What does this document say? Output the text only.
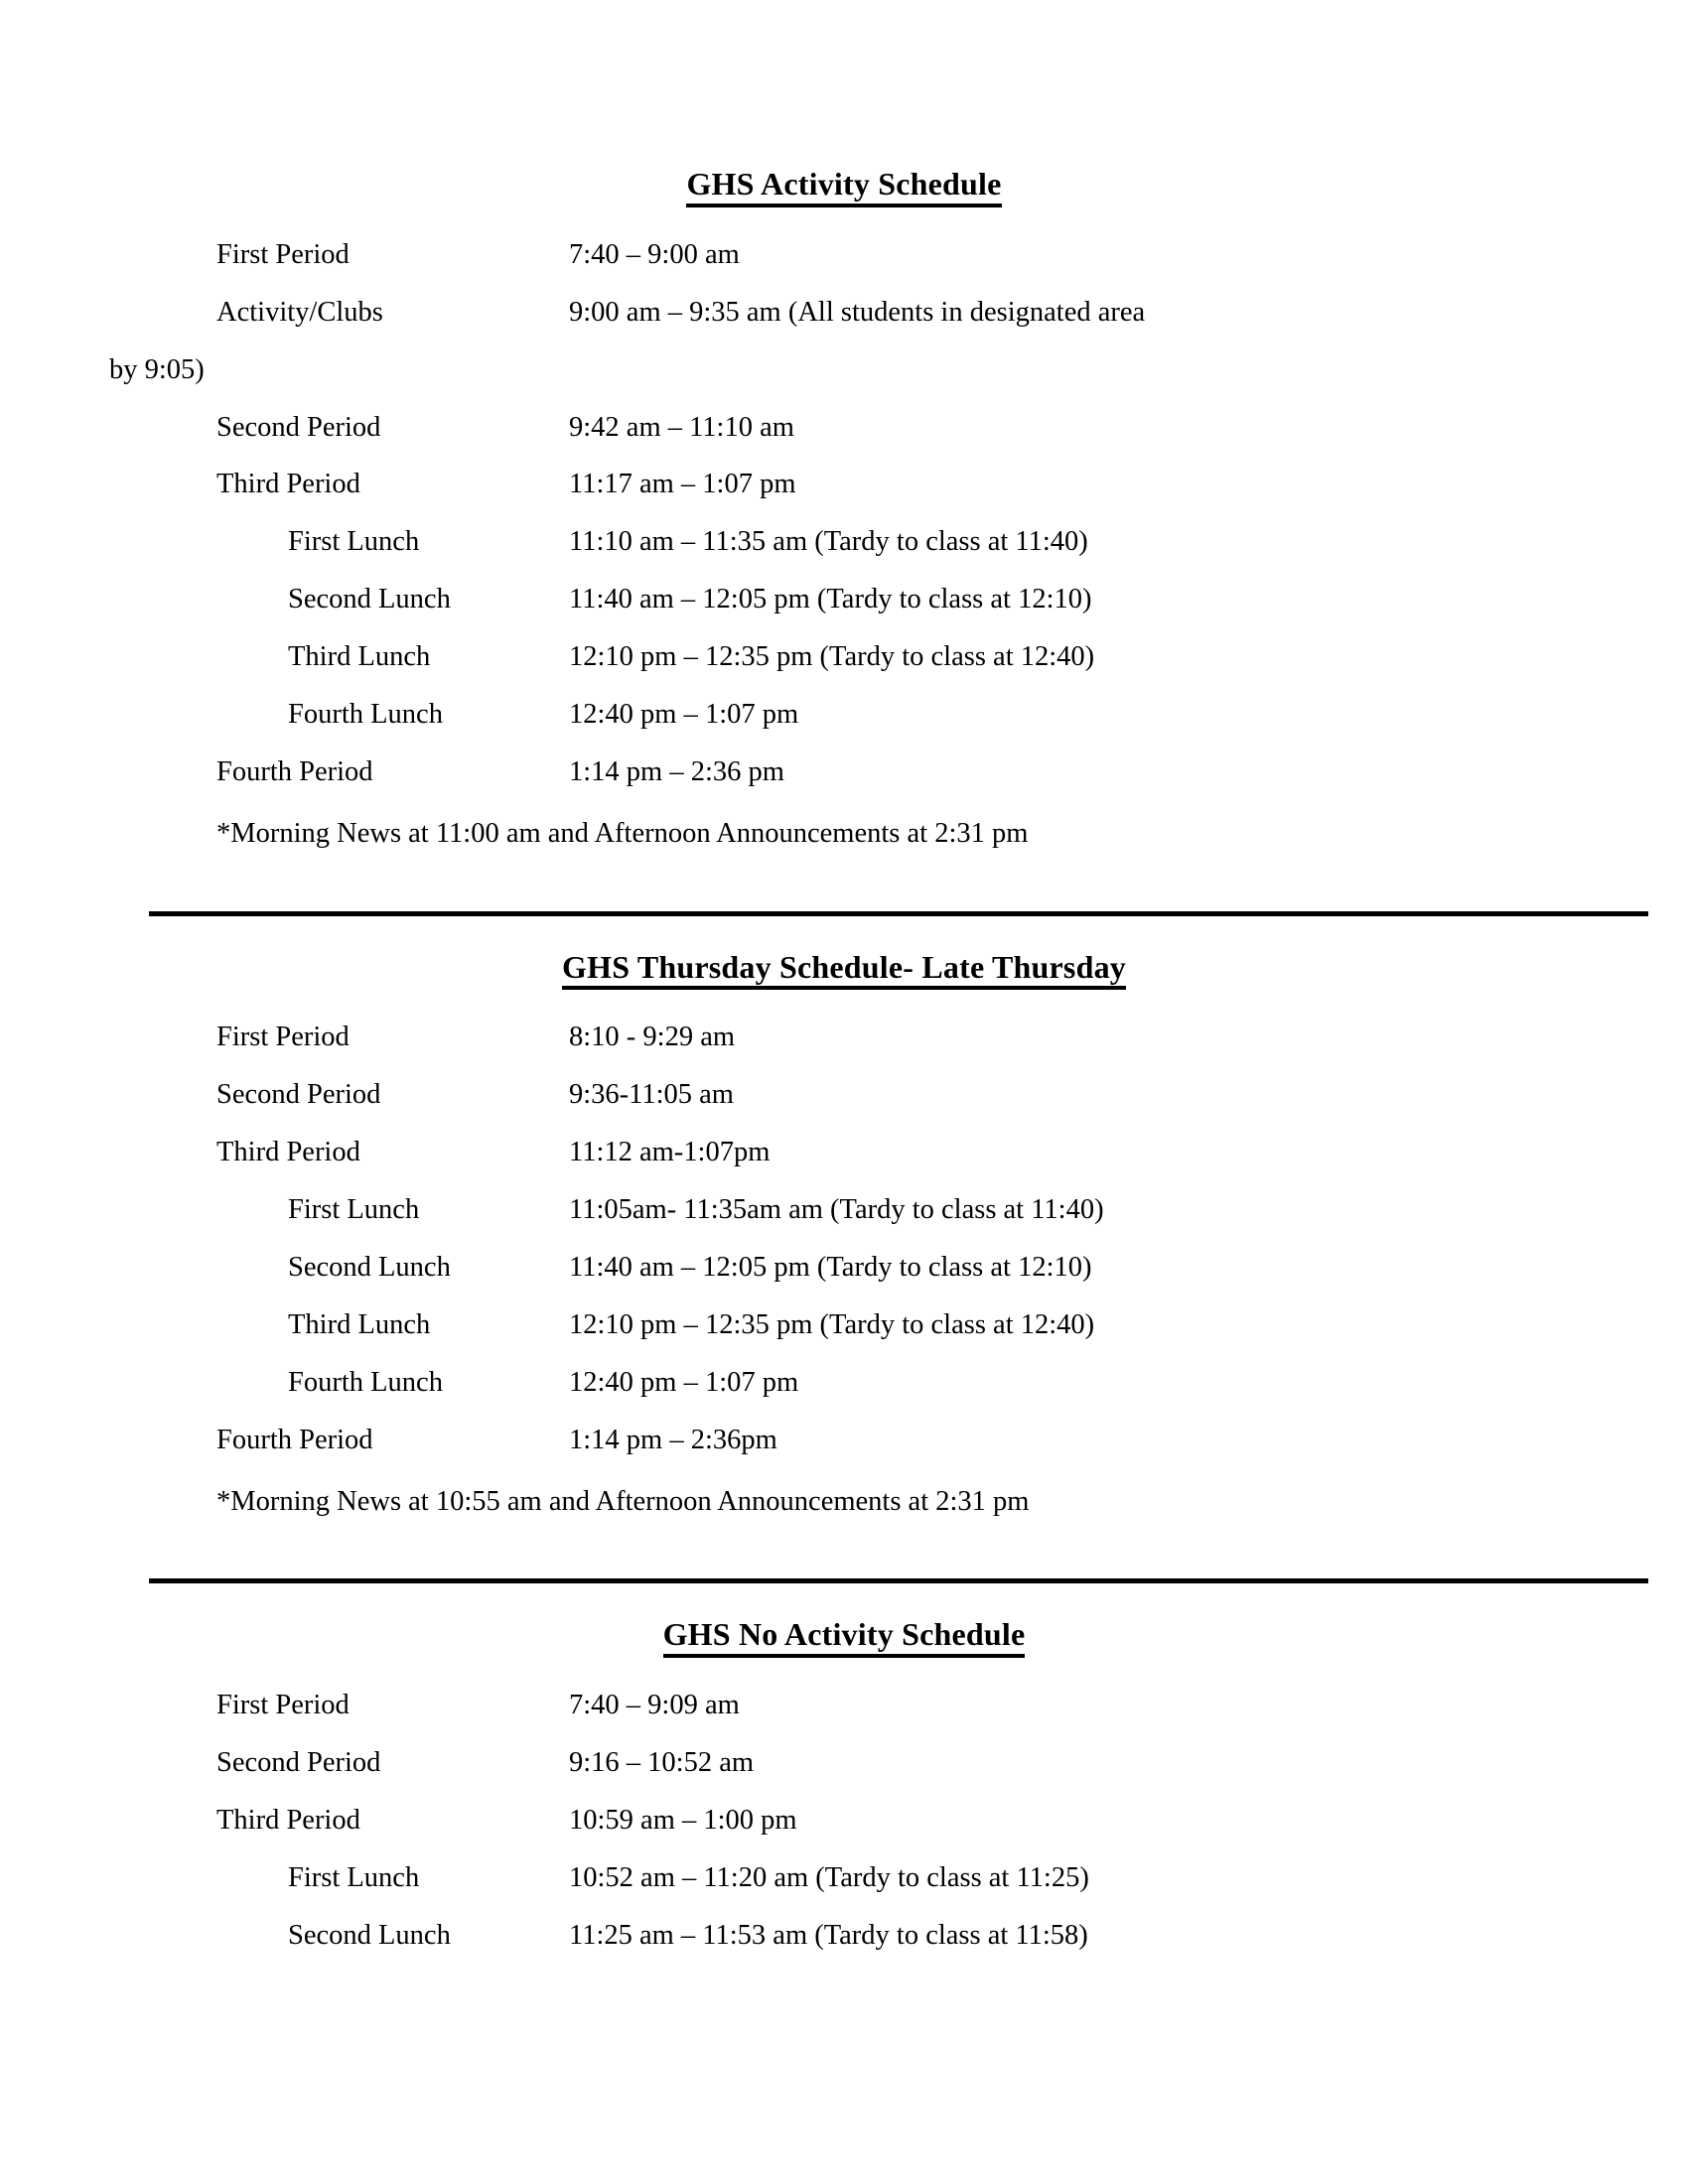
GHS Activity Schedule
First Period	7:40 – 9:00 am
Activity/Clubs	9:00 am – 9:35 am (All students in designated area
by 9:05)
Second Period	9:42 am – 11:10 am
Third Period	11:17 am – 1:07 pm
First Lunch	11:10 am – 11:35 am (Tardy to class at 11:40)
Second Lunch	11:40 am – 12:05 pm (Tardy to class at 12:10)
Third Lunch	12:10 pm – 12:35 pm (Tardy to class at 12:40)
Fourth Lunch	12:40 pm – 1:07 pm
Fourth Period	1:14 pm – 2:36 pm
*Morning News at 11:00 am and Afternoon Announcements at 2:31 pm
GHS Thursday Schedule- Late Thursday
First Period	8:10 - 9:29 am
Second Period	9:36-11:05 am
Third Period	11:12 am-1:07pm
First Lunch	11:05am- 11:35am am (Tardy to class at 11:40)
Second Lunch	11:40 am – 12:05 pm (Tardy to class at 12:10)
Third Lunch	12:10 pm – 12:35 pm (Tardy to class at 12:40)
Fourth Lunch	12:40 pm – 1:07 pm
Fourth Period	1:14 pm – 2:36pm
*Morning News at 10:55 am and Afternoon Announcements at 2:31 pm
GHS No Activity Schedule
First Period	7:40 – 9:09 am
Second Period	9:16 – 10:52 am
Third Period	10:59 am – 1:00 pm
First Lunch	10:52 am – 11:20 am (Tardy to class at 11:25)
Second Lunch	11:25 am – 11:53 am (Tardy to class at 11:58)
